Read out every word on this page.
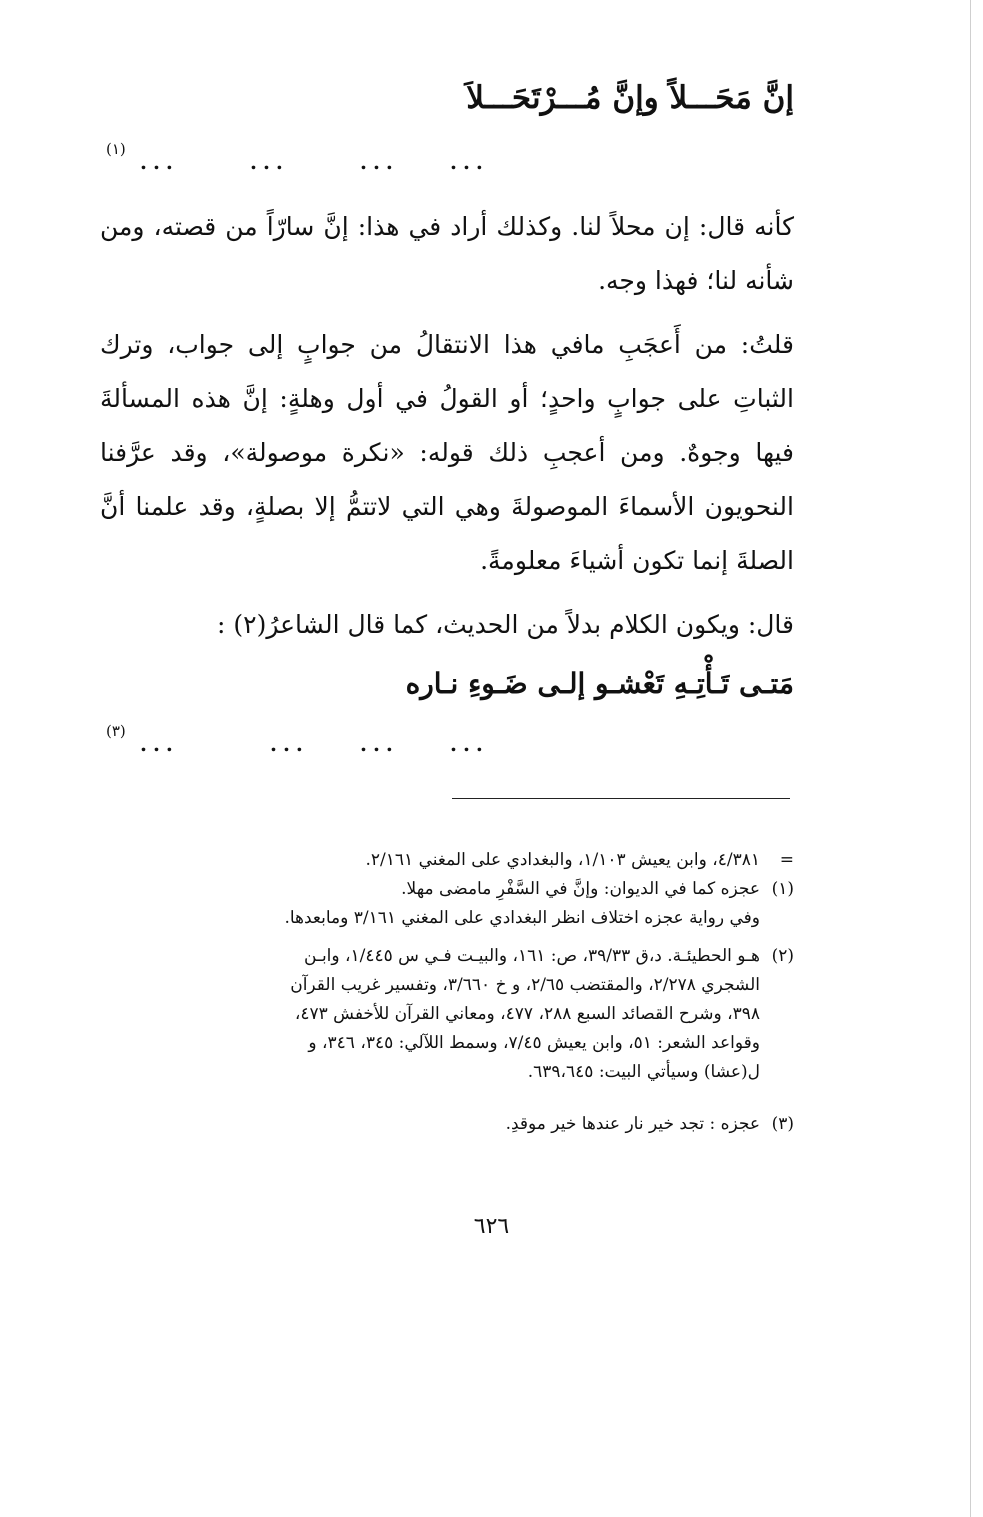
إنَّ مَحَـــلاً وإنَّ مُـــرْتَحَـــلاَ
(١)
...	...	...	...
كأنه قال: إن محلاً لنا. وكذلك أراد في هذا: إنَّ سارّاً من قصته، ومن شأنه لنا؛ فهذا وجه.
قلتُ: من أَعجَبِ مافي هذا الانتقالُ من جوابٍ إلى جواب، وترك الثباتِ على جوابٍ واحدٍ؛ أو القولُ في أول وهلةٍ: إنَّ هذه المسألةَ فيها وجوهٌ. ومن أعجبِ ذلك قوله: «نكرة موصولة»، وقد عرَّفنا النحويون الأسماءَ الموصولةَ وهي التي لاتتمُّ إلا بصلةٍ، وقد علمنا أنَّ الصلةَ إنما تكون أشياءَ معلومةً.
قال: ويكون الكلام بدلاً من الحديث، كما قال الشاعرُ(٢) :
مَتـى تَـأْتِـهِ تَعْشـو إلـى ضَـوءِ نـاره
(٣)
...	...	...	...
=٤/٣٨١، وابن يعيش ١/١٠٣، والبغدادي على المغني ٢/١٦١.
(١)عجزه كما في الديوان: وإنَّ في السَّفْرِ مامضى مهلا.
وفي رواية عجزه اختلاف انظر البغدادي على المغني ٣/١٦١ ومابعدها.
(٢)هـو الحطيئـة. د،ق ٣٩/٣٣، ص: ١٦١، والبيـت فـي س ١/٤٤٥، وابـن
الشجري ٢/٢٧٨، والمقتضب ٢/٦٥، و خ ٣/٦٦٠، وتفسير غريب القرآن
٣٩٨، وشرح القصائد السبع ٢٨٨، ٤٧٧، ومعاني القرآن للأخفش ٤٧٣،
وقواعد الشعر: ٥١، وابن يعيش ٧/٤٥، وسمط اللآلي: ٣٤٥، ٣٤٦، و
ل(عشا) وسيأتي البيت: ٦٣٩،٦٤٥.
(٣)عجزه : تجد خير نار عندها خير موقدِ.
٦٢٦
